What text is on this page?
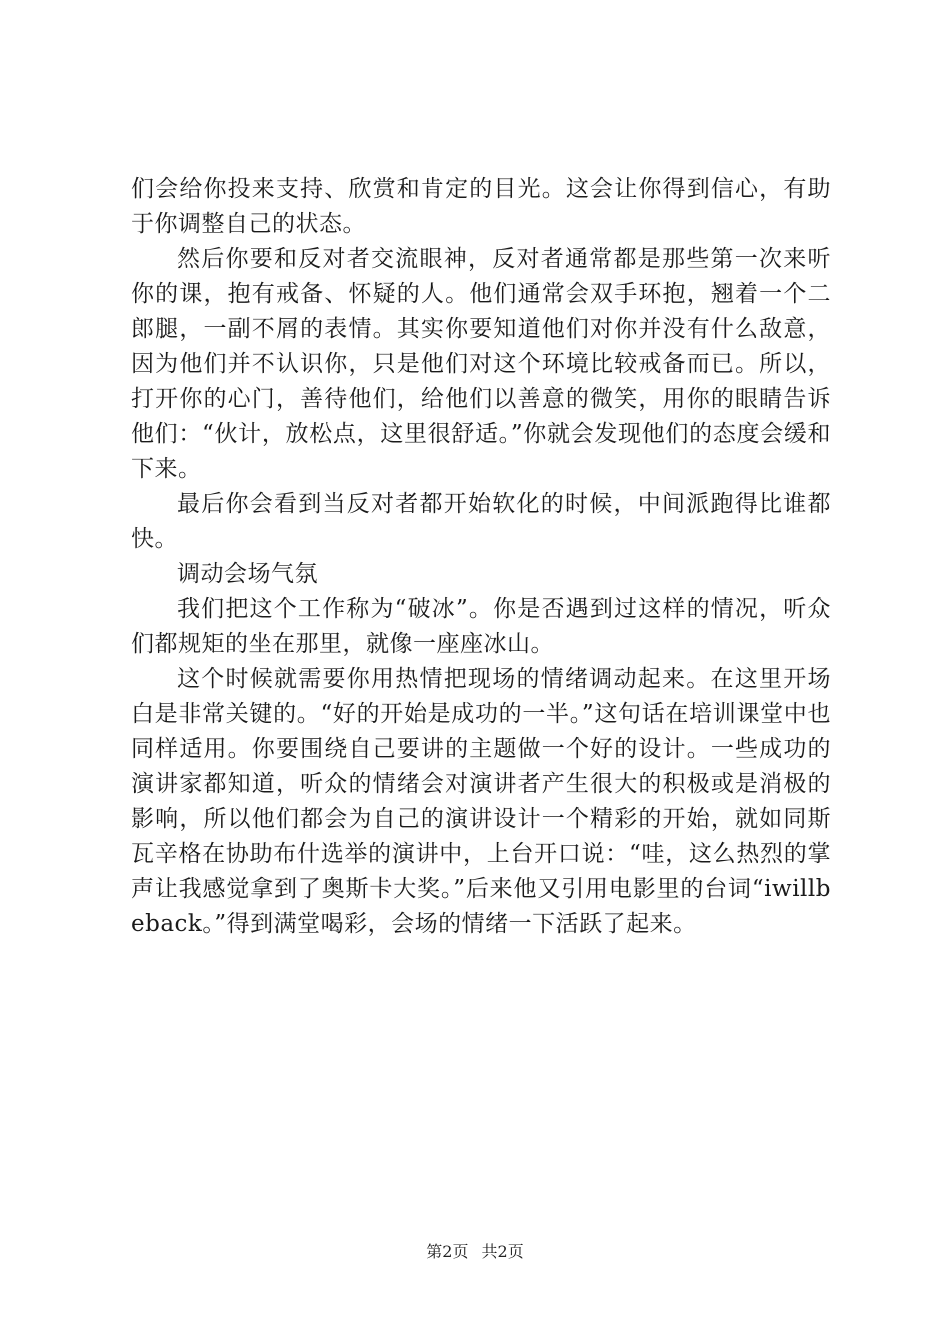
们会给你投来支持、欣赏和肯定的目光。这会让你得到信心，有助于你调整自己的状态。

然后你要和反对者交流眼神，反对者通常都是那些第一次来听你的课，抱有戒备、怀疑的人。他们通常会双手环抱，翘着一个二郎腿，一副不屑的表情。其实你要知道他们对你并没有什么敌意，因为他们并不认识你，只是他们对这个环境比较戒备而已。所以，打开你的心门，善待他们，给他们以善意的微笑，用你的眼睛告诉他们：“伙计，放松点，这里很舒适。”你就会发现他们的态度会缓和下来。

最后你会看到当反对者都开始软化的时候，中间派跑得比谁都快。

调动会场气氛

我们把这个工作称为“破冰”。你是否遇到过这样的情况，听众们都规矩的坐在那里，就像一座座冰山。

这个时候就需要你用热情把现场的情绪调动起来。在这里开场白是非常关键的。“好的开始是成功的一半。”这句话在培训课堂中也同样适用。你要围绕自己要讲的主题做一个好的设计。一些成功的演讲家都知道，听众的情绪会对演讲者产生很大的积极或是消极的影响，所以他们都会为自己的演讲设计一个精彩的开始，就如同斯瓦辛格在协助布什选举的演讲中，上台开口说：“哇，这么热烈的掌声让我感觉拿到了奥斯卡大奖。”后来他又引用电影里的台词“iwillbeback。”得到满堂喝彩，会场的情绪一下活跃了起来。

第2页 共2页
